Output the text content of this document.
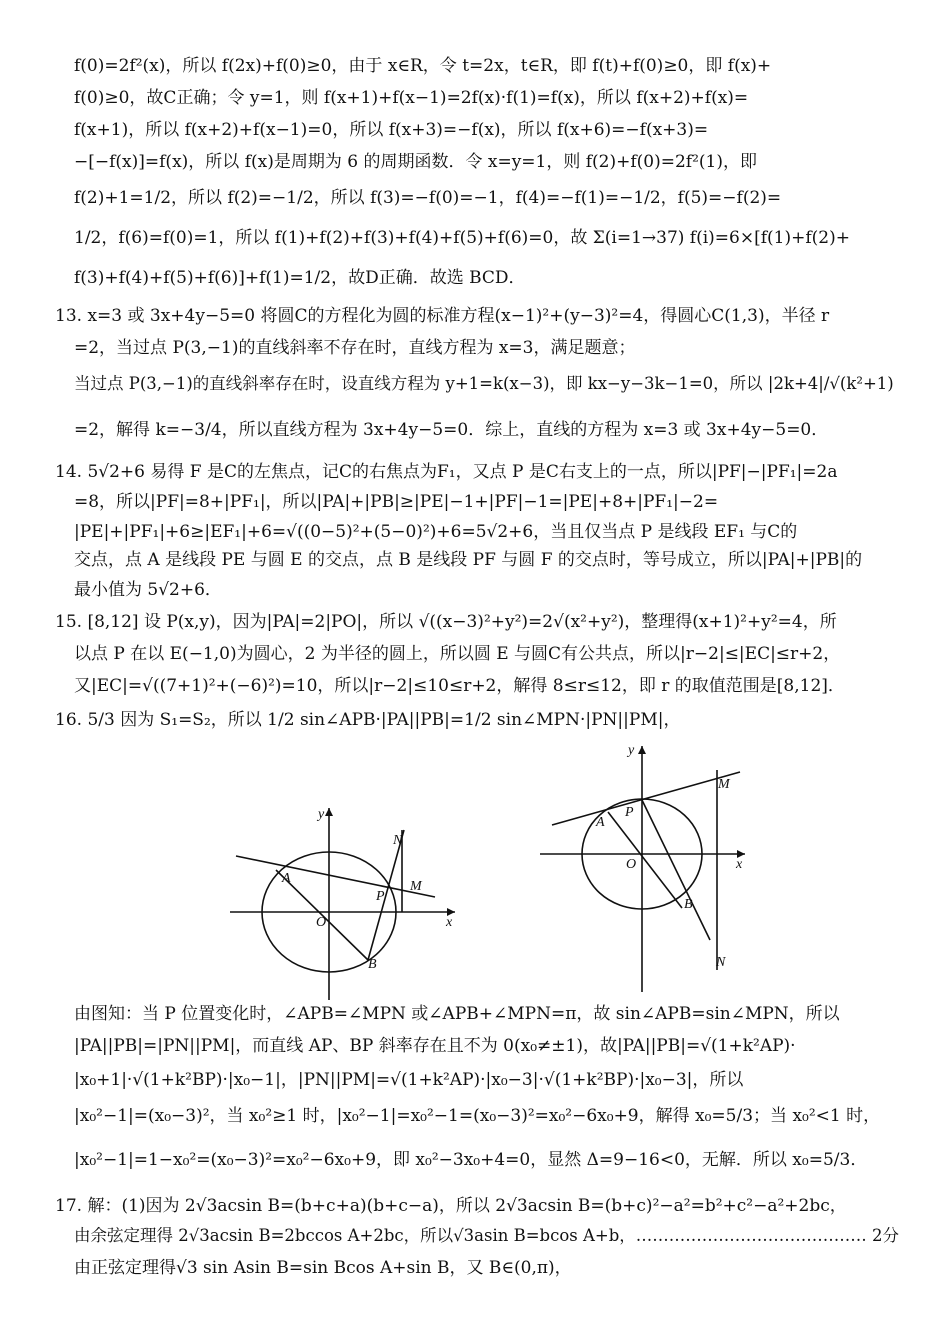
f(0)=2f²(x)，所以 f(2x)+f(0)≥0，由于 x∈R，令 t=2x，t∈R，即 f(t)+f(0)≥0，即 f(x)+
f(0)≥0，故C正确；令 y=1，则 f(x+1)+f(x−1)=2f(x)·f(1)=f(x)，所以 f(x+2)+f(x)=
f(x+1)，所以 f(x+2)+f(x−1)=0，所以 f(x+3)=−f(x)，所以 f(x+6)=−f(x+3)=
−[−f(x)]=f(x)，所以 f(x)是周期为 6 的周期函数．令 x=y=1，则 f(2)+f(0)=2f²(1)，即
f(2)+1=1/2，所以 f(2)=−1/2，所以 f(3)=−f(0)=−1，f(4)=−f(1)=−1/2，f(5)=−f(2)=
1/2，f(6)=f(0)=1，所以 f(1)+f(2)+f(3)+f(4)+f(5)+f(6)=0，故 Σ(i=1→37) f(i)=6×[f(1)+f(2)+
f(3)+f(4)+f(5)+f(6)]+f(1)=1/2，故D正确．故选 BCD．
13. x=3 或 3x+4y−5=0 将圆C的方程化为圆的标准方程(x−1)²+(y−3)²=4，得圆心C(1,3)，半径 r
=2，当过点 P(3,−1)的直线斜率不存在时，直线方程为 x=3，满足题意；
当过点 P(3,−1)的直线斜率存在时，设直线方程为 y+1=k(x−3)，即 kx−y−3k−1=0，所以 |2k+4|/√(k²+1)
=2，解得 k=−3/4，所以直线方程为 3x+4y−5=0．综上，直线的方程为 x=3 或 3x+4y−5=0．
14. 5√2+6 易得 F 是C的左焦点，记C的右焦点为F₁，又点 P 是C右支上的一点，所以|PF|−|PF₁|=2a
=8，所以|PF|=8+|PF₁|，所以|PA|+|PB|≥|PE|−1+|PF|−1=|PE|+8+|PF₁|−2=
|PE|+|PF₁|+6≥|EF₁|+6=√((0−5)²+(5−0)²)+6=5√2+6，当且仅当点 P 是线段 EF₁ 与C的
交点，点 A 是线段 PE 与圆 E 的交点，点 B 是线段 PF 与圆 F 的交点时，等号成立，所以|PA|+|PB|的
最小值为 5√2+6．
15. [8,12] 设 P(x,y)，因为|PA|=2|PO|，所以 √((x−3)²+y²)=2√(x²+y²)，整理得(x+1)²+y²=4，所
以点 P 在以 E(−1,0)为圆心，2 为半径的圆上，所以圆 E 与圆C有公共点，所以|r−2|≤|EC|≤r+2，
又|EC|=√((7+1)²+(−6)²)=10，所以|r−2|≤10≤r+2，解得 8≤r≤12，即 r 的取值范围是[8,12]．
16. 5/3 因为 S₁=S₂，所以 1/2 sin∠APB·|PA||PB|=1/2 sin∠MPN·|PN||PM|，
y
x
O
A
P
M
N
B
y
x
O
A
P
M
B
N
由图知：当 P 位置变化时，∠APB=∠MPN 或∠APB+∠MPN=π，故 sin∠APB=sin∠MPN，所以
|PA||PB|=|PN||PM|，而直线 AP、BP 斜率存在且不为 0(x₀≠±1)，故|PA||PB|=√(1+k²AP)·
|x₀+1|·√(1+k²BP)·|x₀−1|，|PN||PM|=√(1+k²AP)·|x₀−3|·√(1+k²BP)·|x₀−3|，所以
|x₀²−1|=(x₀−3)²，当 x₀²≥1 时，|x₀²−1|=x₀²−1=(x₀−3)²=x₀²−6x₀+9，解得 x₀=5/3；当 x₀²<1 时，
|x₀²−1|=1−x₀²=(x₀−3)²=x₀²−6x₀+9，即 x₀²−3x₀+4=0，显然 Δ=9−16<0，无解．所以 x₀=5/3．
17. 解：(1)因为 2√3acsin B=(b+c+a)(b+c−a)，所以 2√3acsin B=(b+c)²−a²=b²+c²−a²+2bc，
由余弦定理得 2√3acsin B=2bccos A+2bc，所以√3asin B=bcos A+b，…………………………………… 2分
由正弦定理得√3 sin Asin B=sin Bcos A+sin B，又 B∈(0,π)，
